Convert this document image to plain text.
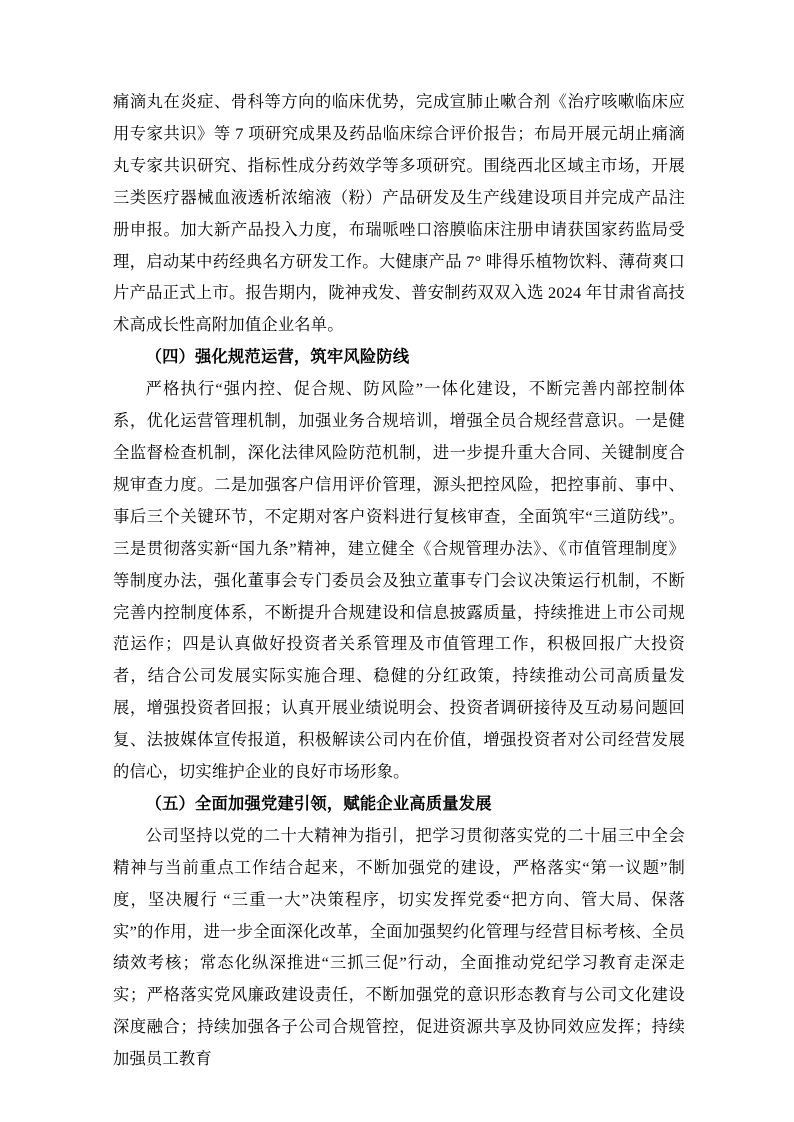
痛滴丸在炎症、骨科等方向的临床优势，完成宣肺止嗽合剂《治疗咳嗽临床应用专家共识》等 7 项研究成果及药品临床综合评价报告；布局开展元胡止痛滴丸专家共识研究、指标性成分药效学等多项研究。围绕西北区域主市场，开展三类医疗器械血液透析浓缩液（粉）产品研发及生产线建设项目并完成产品注册申报。加大新产品投入力度，布瑞哌唑口溶膜临床注册申请获国家药监局受理，启动某中药经典名方研发工作。大健康产品 7° 啡得乐植物饮料、薄荷爽口片产品正式上市。报告期内，陇神戎发、普安制药双双入选 2024 年甘肃省高技术高成长性高附加值企业名单。

（四）强化规范运营，筑牢风险防线

严格执行“强内控、促合规、防风险”一体化建设，不断完善内部控制体系，优化运营管理机制，加强业务合规培训，增强全员合规经营意识。一是健全监督检查机制，深化法律风险防范机制，进一步提升重大合同、关键制度合规审查力度。二是加强客户信用评价管理，源头把控风险，把控事前、事中、事后三个关键环节，不定期对客户资料进行复核审查，全面筑牢“三道防线”。三是贯彻落实新“国九条”精神，建立健全《合规管理办法》、《市值管理制度》等制度办法，强化董事会专门委员会及独立董事专门会议决策运行机制，不断完善内控制度体系，不断提升合规建设和信息披露质量，持续推进上市公司规范运作；四是认真做好投资者关系管理及市值管理工作，积极回报广大投资者，结合公司发展实际实施合理、稳健的分红政策，持续推动公司高质量发展，增强投资者回报；认真开展业绩说明会、投资者调研接待及互动易问题回复、法披媒体宣传报道，积极解读公司内在价值，增强投资者对公司经营发展的信心，切实维护企业的良好市场形象。

（五）全面加强党建引领，赋能企业高质量发展

公司坚持以党的二十大精神为指引，把学习贯彻落实党的二十届三中全会精神与当前重点工作结合起来，不断加强党的建设，严格落实“第一议题”制度，坚决履行 “三重一大”决策程序，切实发挥党委“把方向、管大局、保落实”的作用，进一步全面深化改革，全面加强契约化管理与经营目标考核、全员绩效考核；常态化纵深推进“三抓三促”行动，全面推动党纪学习教育走深走实；严格落实党风廉政建设责任，不断加强党的意识形态教育与公司文化建设深度融合；持续加强各子公司合规管控，促进资源共享及协同效应发挥；持续加强员工教育
